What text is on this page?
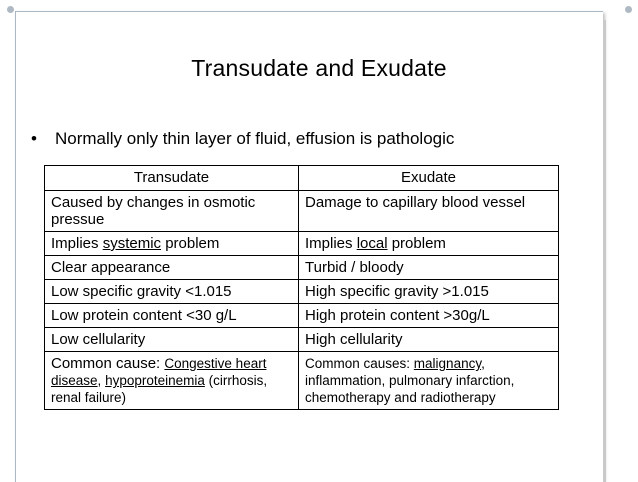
Transudate and Exudate
• Normally only thin layer of fluid, effusion is pathologic
Transudate	Exudate
Caused by changes in osmotic pressue	Damage to capillary blood vessel
Implies systemic problem	Implies local problem
Clear appearance	Turbid / bloody
Low specific gravity <1.015	High specific gravity >1.015
Low protein content <30 g/L	High protein content >30g/L
Low cellularity	High cellularity
Common cause: Congestive heart disease, hypoproteinemia (cirrhosis, renal failure)	Common causes: malignancy, inflammation, pulmonary infarction, chemotherapy and radiotherapy
